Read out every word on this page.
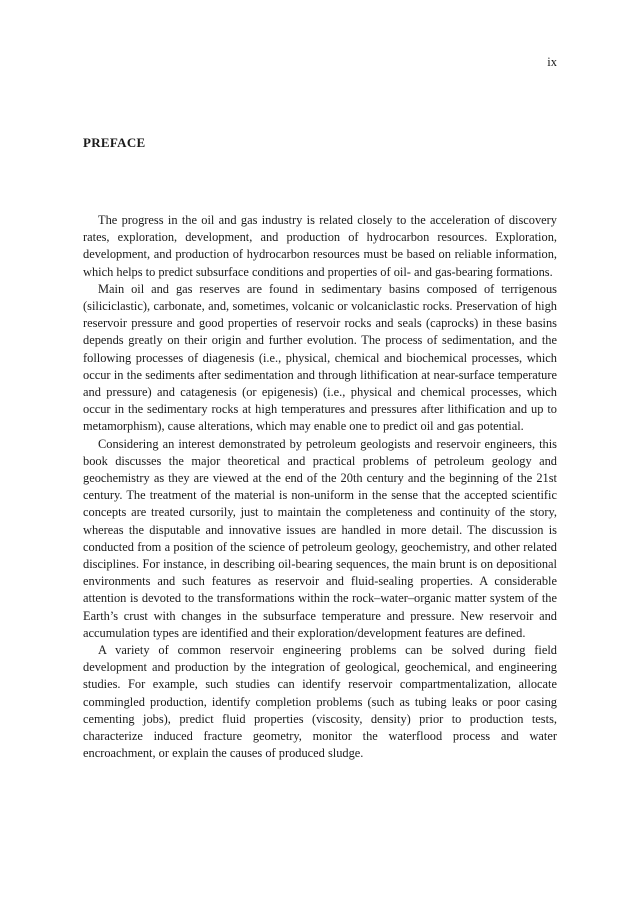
ix
PREFACE

The progress in the oil and gas industry is related closely to the acceleration of discovery rates, exploration, development, and production of hydrocarbon resources. Exploration, development, and production of hydrocarbon resources must be based on reliable information, which helps to predict subsurface conditions and properties of oil- and gas-bearing formations.

Main oil and gas reserves are found in sedimentary basins composed of terrigenous (siliciclastic), carbonate, and, sometimes, volcanic or volcaniclastic rocks. Preservation of high reservoir pressure and good properties of reservoir rocks and seals (caprocks) in these basins depends greatly on their origin and further evolution. The process of sedimentation, and the following processes of diagenesis (i.e., physical, chemical and biochemical processes, which occur in the sediments after sedimentation and through lithification at near-surface temperature and pressure) and catagenesis (or epigenesis) (i.e., physical and chemical processes, which occur in the sedimentary rocks at high temperatures and pressures after lithification and up to metamorphism), cause alterations, which may enable one to predict oil and gas potential.

Considering an interest demonstrated by petroleum geologists and reservoir engineers, this book discusses the major theoretical and practical problems of petroleum geology and geochemistry as they are viewed at the end of the 20th century and the beginning of the 21st century. The treatment of the material is non-uniform in the sense that the accepted scientific concepts are treated cursorily, just to maintain the completeness and continuity of the story, whereas the disputable and innovative issues are handled in more detail. The discussion is conducted from a position of the science of petroleum geology, geochemistry, and other related disciplines. For instance, in describing oil-bearing sequences, the main brunt is on depositional environments and such features as reservoir and fluid-sealing properties. A considerable attention is devoted to the transformations within the rock–water–organic matter system of the Earth’s crust with changes in the subsurface temperature and pressure. New reservoir and accumulation types are identified and their exploration/development features are defined.

A variety of common reservoir engineering problems can be solved during field development and production by the integration of geological, geochemical, and engineering studies. For example, such studies can identify reservoir compartmentalization, allocate commingled production, identify completion problems (such as tubing leaks or poor casing cementing jobs), predict fluid properties (viscosity, density) prior to production tests, characterize induced fracture geometry, monitor the waterflood process and water encroachment, or explain the causes of produced sludge.
